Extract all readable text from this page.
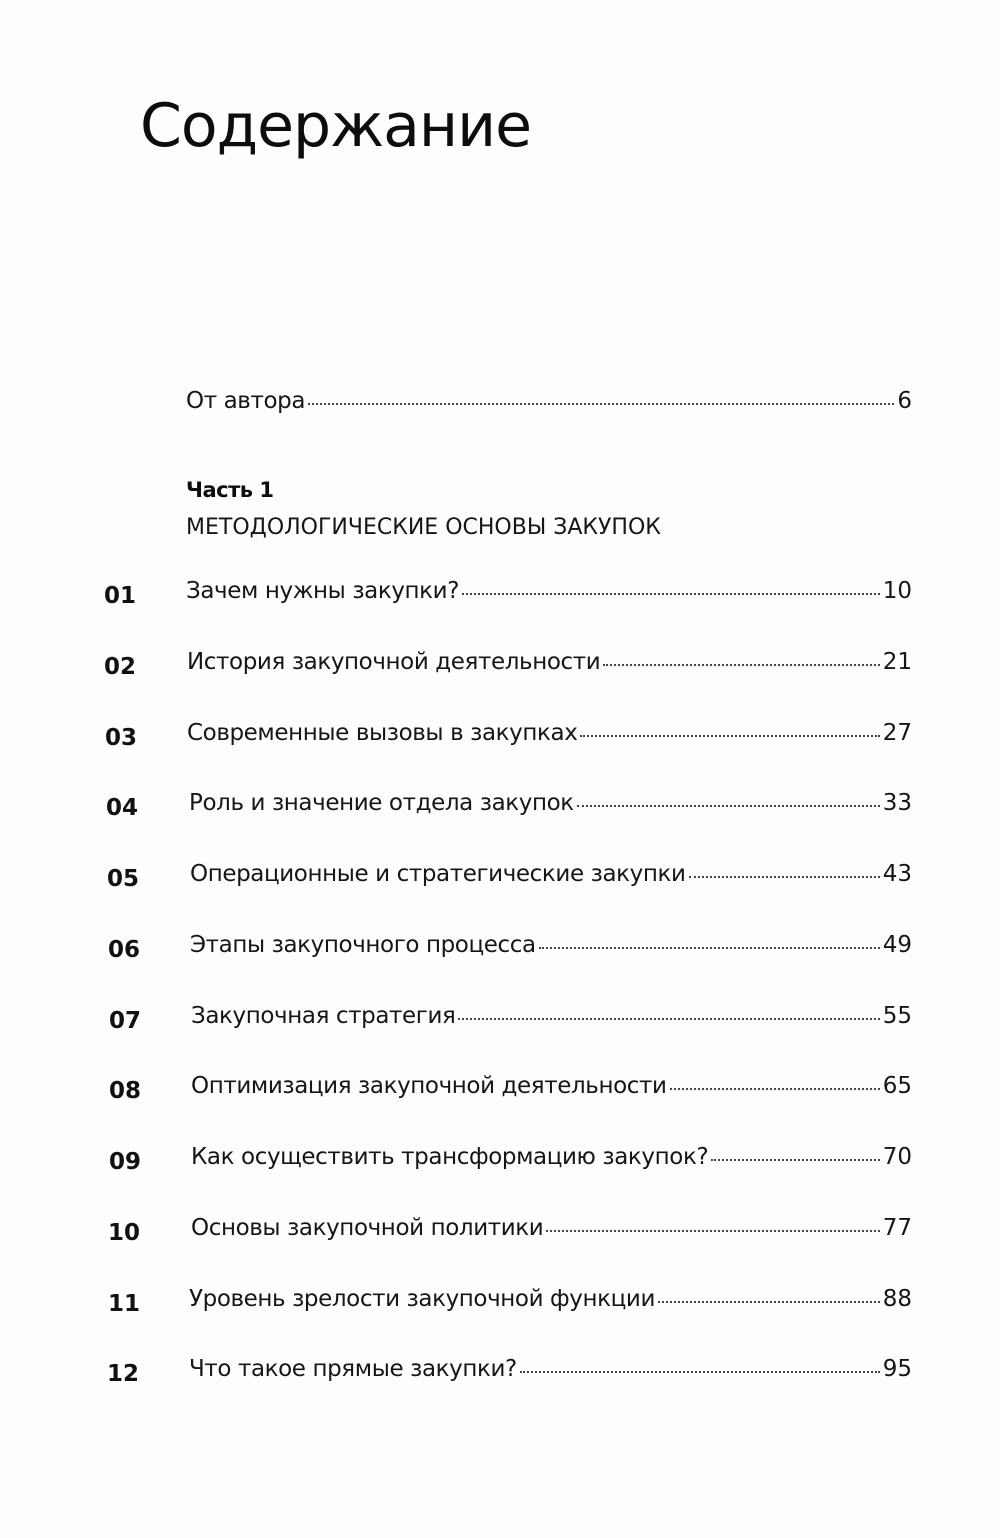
Содержание
От автора	6
Часть 1
МЕТОДОЛОГИЧЕСКИЕ ОСНОВЫ ЗАКУПОК
01 Зачем нужны закупки?	10
02 История закупочной деятельности	21
03 Современные вызовы в закупках	27
04 Роль и значение отдела закупок	33
05 Операционные и стратегические закупки	43
06 Этапы закупочного процесса	49
07 Закупочная стратегия	55
08 Оптимизация закупочной деятельности	65
09 Как осуществить трансформацию закупок?	70
10 Основы закупочной политики	77
11 Уровень зрелости закупочной функции	88
12 Что такое прямые закупки?	95
